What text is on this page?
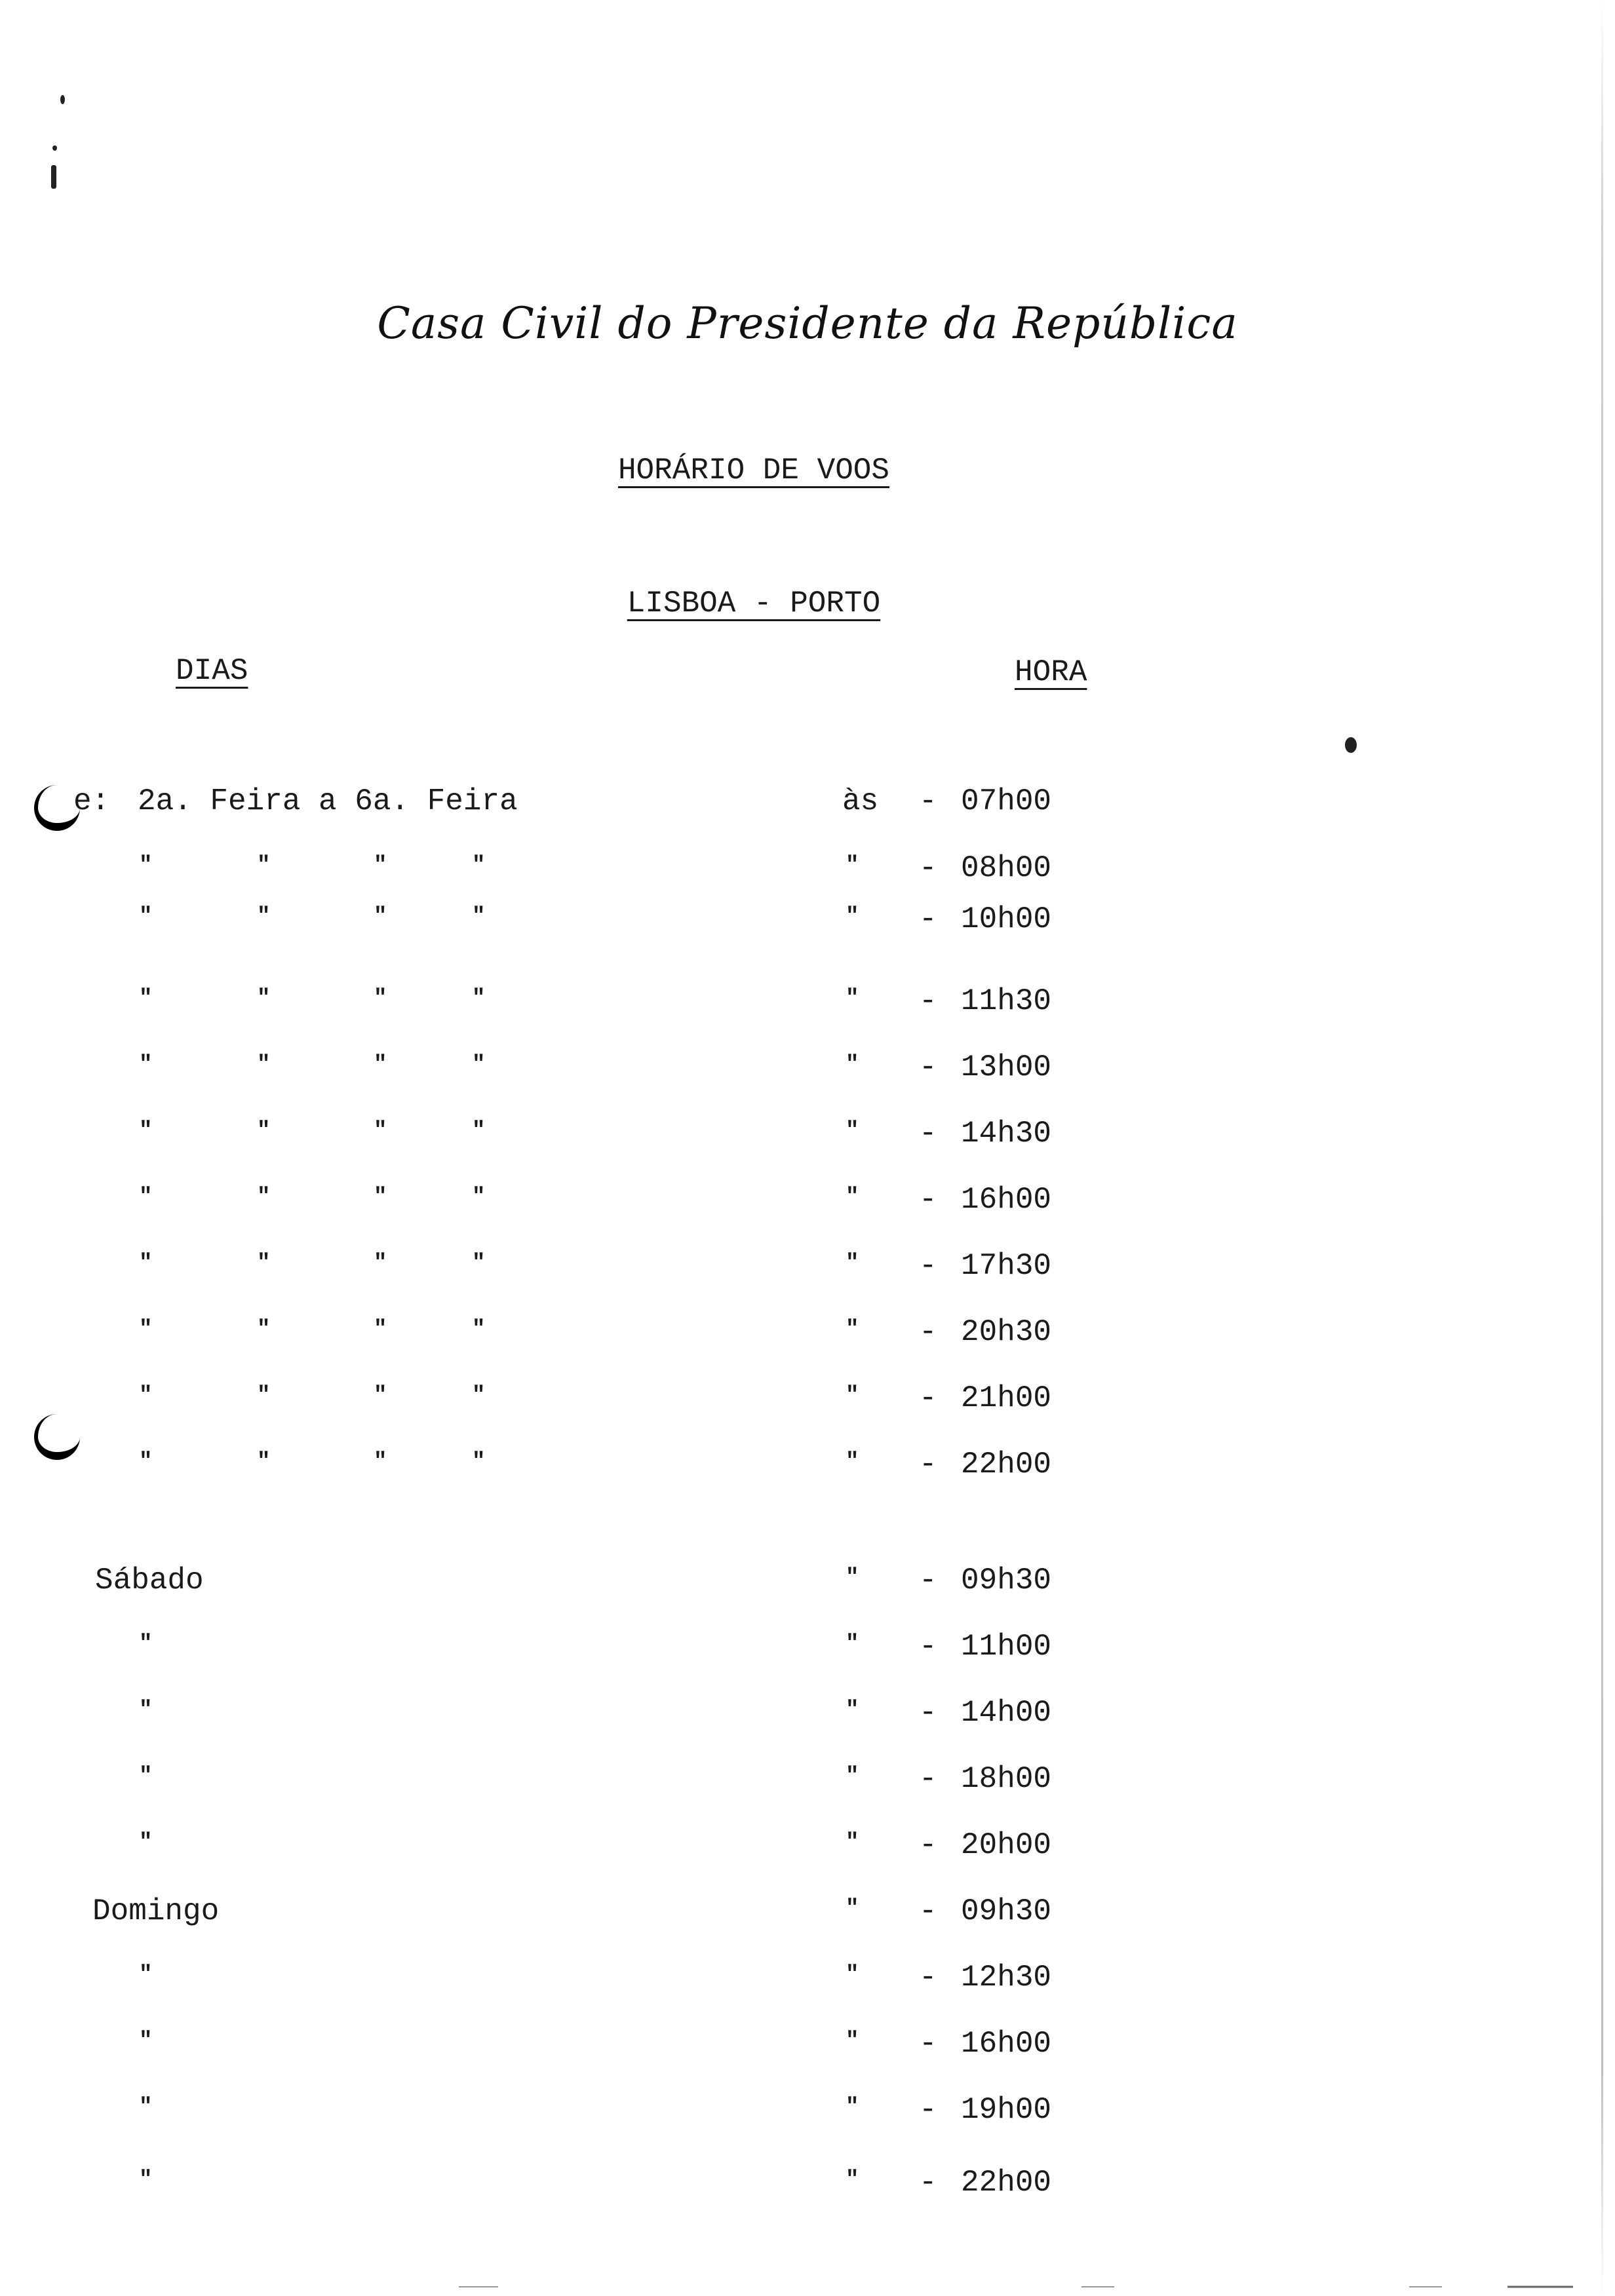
Casa Civil do Presidente da República
HORÁRIO DE VOOS
LISBOA - PORTO
DIAS	HORA
e: 2a. Feira a 6a. Feira	às - 07h00
"	"	"	"	" - 08h00
"	"	"	"	" - 10h00
"	"	"	"	" - 11h30
"	"	"	"	" - 13h00
"	"	"	"	" - 14h30
"	"	"	"	" - 16h00
"	"	"	"	" - 17h30
"	"	"	"	" - 20h30
"	"	"	"	" - 21h00
"	"	"	"	" - 22h00
Sábado	" - 09h30
"	" - 11h00
"	" - 14h00
"	" - 18h00
"	" - 20h00
Domingo	" - 09h30
"	" - 12h30
"	" - 16h00
"	" - 19h00
"	" - 22h00
